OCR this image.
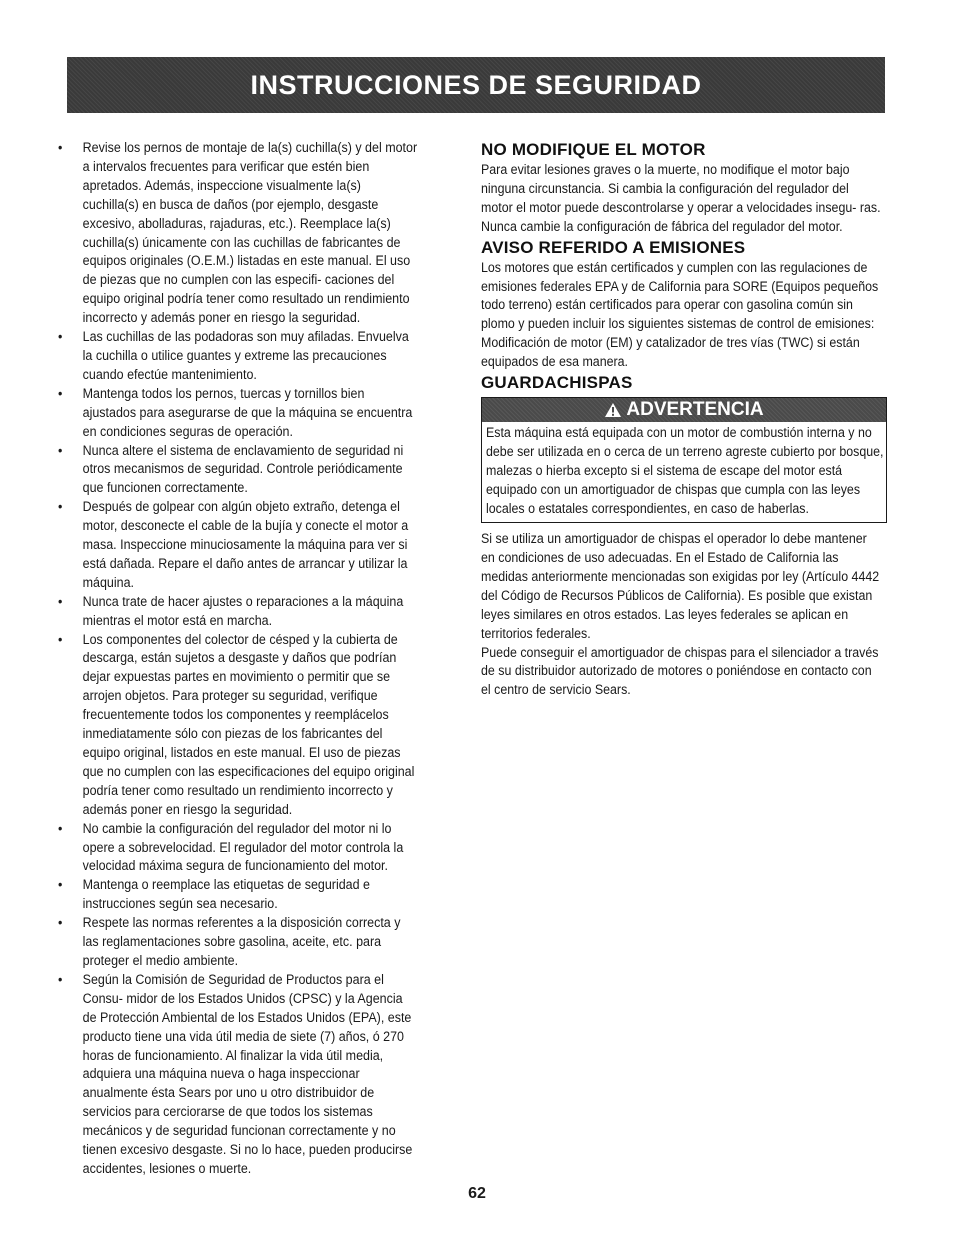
INSTRUCCIONES DE SEGURIDAD
• Revise los pernos de montaje de la(s) cuchilla(s) y del motor a intervalos frecuentes para verificar que estén bien apretados. Además, inspeccione visualmente la(s) cuchilla(s) en busca de daños (por ejemplo, desgaste excesivo, abolladuras, rajaduras, etc.). Reemplace la(s) cuchilla(s) únicamente con las cuchillas de fabricantes de equipos originales (O.E.M.) listadas en este manual. El uso de piezas que no cumplen con las especifi- caciones del equipo original podría tener como resultado un rendimiento incorrecto y además poner en riesgo la seguridad.
• Las cuchillas de las podadoras son muy afiladas. Envuelva la cuchilla o utilice guantes y extreme las precauciones cuando efectúe mantenimiento.
• Mantenga todos los pernos, tuercas y tornillos bien ajustados para asegurarse de que la máquina se encuentra en condiciones seguras de operación.
• Nunca altere el sistema de enclavamiento de seguridad ni otros mecanismos de seguridad. Controle periódicamente que funcionen correctamente.
• Después de golpear con algún objeto extraño, detenga el motor, desconecte el cable de la bujía y conecte el motor a masa. Inspeccione minuciosamente la máquina para ver si está dañada. Repare el daño antes de arrancar y utilizar la máquina.
• Nunca trate de hacer ajustes o reparaciones a la máquina mientras el motor está en marcha.
• Los componentes del colector de césped y la cubierta de descarga, están sujetos a desgaste y daños que podrían dejar expuestas partes en movimiento o permitir que se arrojen objetos. Para proteger su seguridad, verifique frecuentemente todos los componentes y reemplácelos inmediatamente sólo con piezas de los fabricantes del equipo original, listados en este manual. El uso de piezas que no cumplen con las especificaciones del equipo original podría tener como resultado un rendimiento incorrecto y además poner en riesgo la seguridad.
• No cambie la configuración del regulador del motor ni lo opere a sobrevelocidad. El regulador del motor controla la velocidad máxima segura de funcionamiento del motor.
• Mantenga o reemplace las etiquetas de seguridad e instrucciones según sea necesario.
• Respete las normas referentes a la disposición correcta y las reglamentaciones sobre gasolina, aceite, etc. para proteger el medio ambiente.
• Según la Comisión de Seguridad de Productos para el Consu- midor de los Estados Unidos (CPSC) y la Agencia de Protección Ambiental de los Estados Unidos (EPA), este producto tiene una vida útil media de siete (7) años, ó 270 horas de funcionamiento. Al finalizar la vida útil media, adquiera una máquina nueva o haga inspeccionar anualmente ésta Sears por uno u otro distribuidor de servicios para cerciorarse de que todos los sistemas mecánicos y de seguridad funcionan correctamente y no tienen excesivo desgaste. Si no lo hace, pueden producirse accidentes, lesiones o muerte.
NO MODIFIQUE EL MOTOR

Para evitar lesiones graves o la muerte, no modifique el motor bajo ninguna circunstancia. Si cambia la configuración del regulador del motor el motor puede descontrolarse y operar a velocidades insegu- ras. Nunca cambie la configuración de fábrica del regulador del motor.

AVISO REFERIDO A EMISIONES

Los motores que están certificados y cumplen con las regulaciones de emisiones federales EPA y de California para SORE (Equipos pequeños todo terreno) están certificados para operar con gasolina común sin plomo y pueden incluir los siguientes sistemas de control de emisiones: Modificación de motor (EM) y catalizador de tres vías (TWC) si están equipados de esa manera.

GUARDACHISPAS
ADVERTENCIA

Esta máquina está equipada con un motor de combustión interna y no debe ser utilizada en o cerca de un terreno agreste cubierto por bosque, malezas o hierba excepto si el sistema de escape del motor está equipado con un amortiguador de chispas que cumpla con las leyes locales o estatales correspondientes, en caso de haberlas.

Si se utiliza un amortiguador de chispas el operador lo debe mantener en condiciones de uso adecuadas. En el Estado de California las medidas anteriormente mencionadas son exigidas por ley (Artículo 4442 del Código de Recursos Públicos de California). Es posible que existan leyes similares en otros estados. Las leyes federales se aplican en territorios federales.

Puede conseguir el amortiguador de chispas para el silenciador a través de su distribuidor autorizado de motores o poniéndose en contacto con el centro de servicio Sears.

62
